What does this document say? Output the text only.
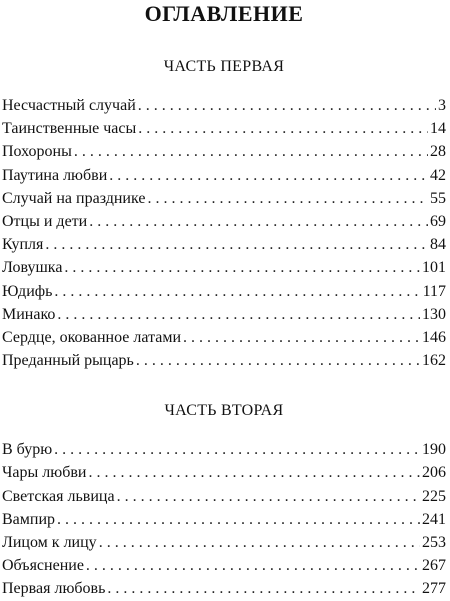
ОГЛАВЛЕНИЕ
ЧАСТЬ ПЕРВАЯ
Несчастный случай . . .	3
Таинственные часы . . .	14
Похороны . . .	28
Паутина любви . . .	42
Случай на празднике . . .	55
Отцы и дети . . .	69
Купля . . .	84
Ловушка . . .	101
Юдифь . . .	117
Минако . . .	130
Сердце, окованное латами . . .	146
Преданный рыцарь . . .	162
ЧАСТЬ ВТОРАЯ
В бурю . . .	190
Чары любви . . .	206
Светская львица . . .	225
Вампир . . .	241
Лицом к лицу . . .	253
Объяснение . . .	267
Первая любовь . . .	277
